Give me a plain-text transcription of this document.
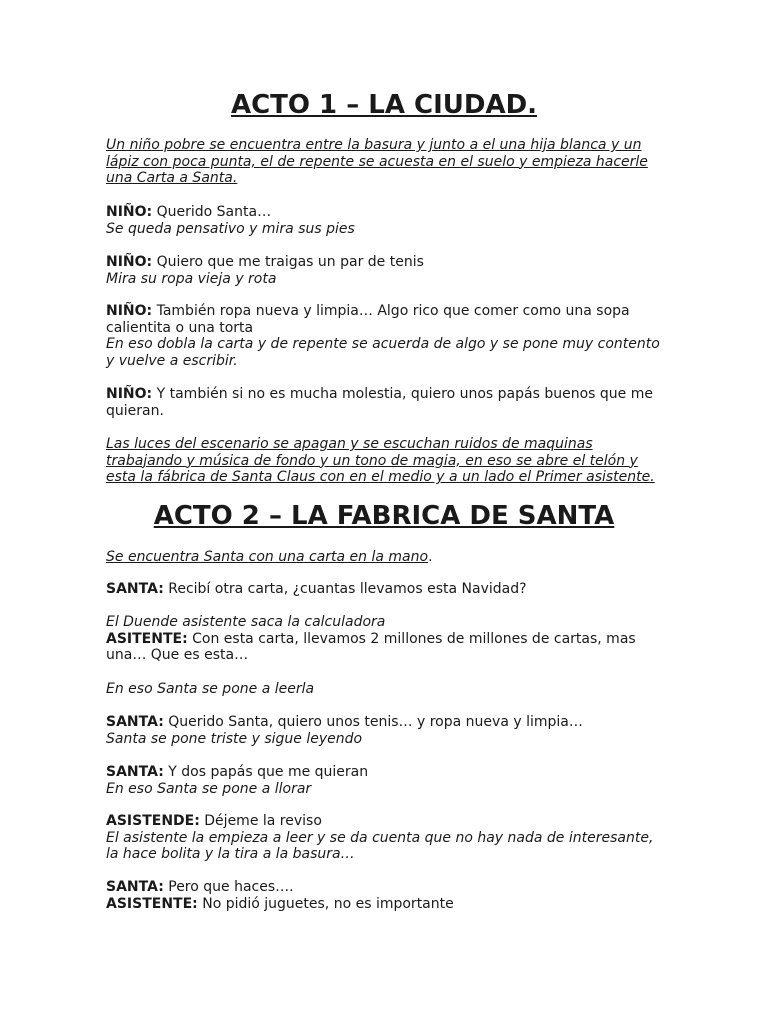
ACTO 1 – LA CIUDAD.

Un niño pobre se encuentra entre la basura y junto a el una hija blanca y un lápiz con poca punta, el de repente se acuesta en el suelo y empieza hacerle una Carta a Santa.

NIÑO: Querido Santa…

Se queda pensativo y mira sus pies

NIÑO: Quiero que me traigas un par de tenis

Mira su ropa vieja y rota

NIÑO: También ropa nueva y limpia… Algo rico que comer como una sopa calientita o una torta

En eso dobla la carta y de repente se acuerda de algo y se pone muy contento y vuelve a escribir.

NIÑO: Y también si no es mucha molestia, quiero unos papás buenos que me quieran.

Las luces del escenario se apagan y se escuchan ruidos de maquinas trabajando y música de fondo y un tono de magia, en eso se abre el telón y esta la fábrica de Santa Claus con en el medio y a un lado el Primer asistente.

ACTO 2 – LA FABRICA DE SANTA

Se encuentra Santa con una carta en la mano.

SANTA: Recibí otra carta, ¿cuantas llevamos esta Navidad?

El Duende asistente saca la calculadora

ASITENTE: Con esta carta, llevamos 2 millones de millones de cartas, mas una… Que es esta…

En eso Santa se pone a leerla

SANTA: Querido Santa, quiero unos tenis… y ropa nueva y limpia…

Santa se pone triste y sigue leyendo

SANTA: Y dos papás que me quieran

En eso Santa se pone a llorar

ASISTENDE: Déjeme la reviso

El asistente la empieza a leer y se da cuenta que no hay nada de interesante, la hace bolita y la tira a la basura…

SANTA: Pero que haces….

ASISTENTE: No pidió juguetes, no es importante
